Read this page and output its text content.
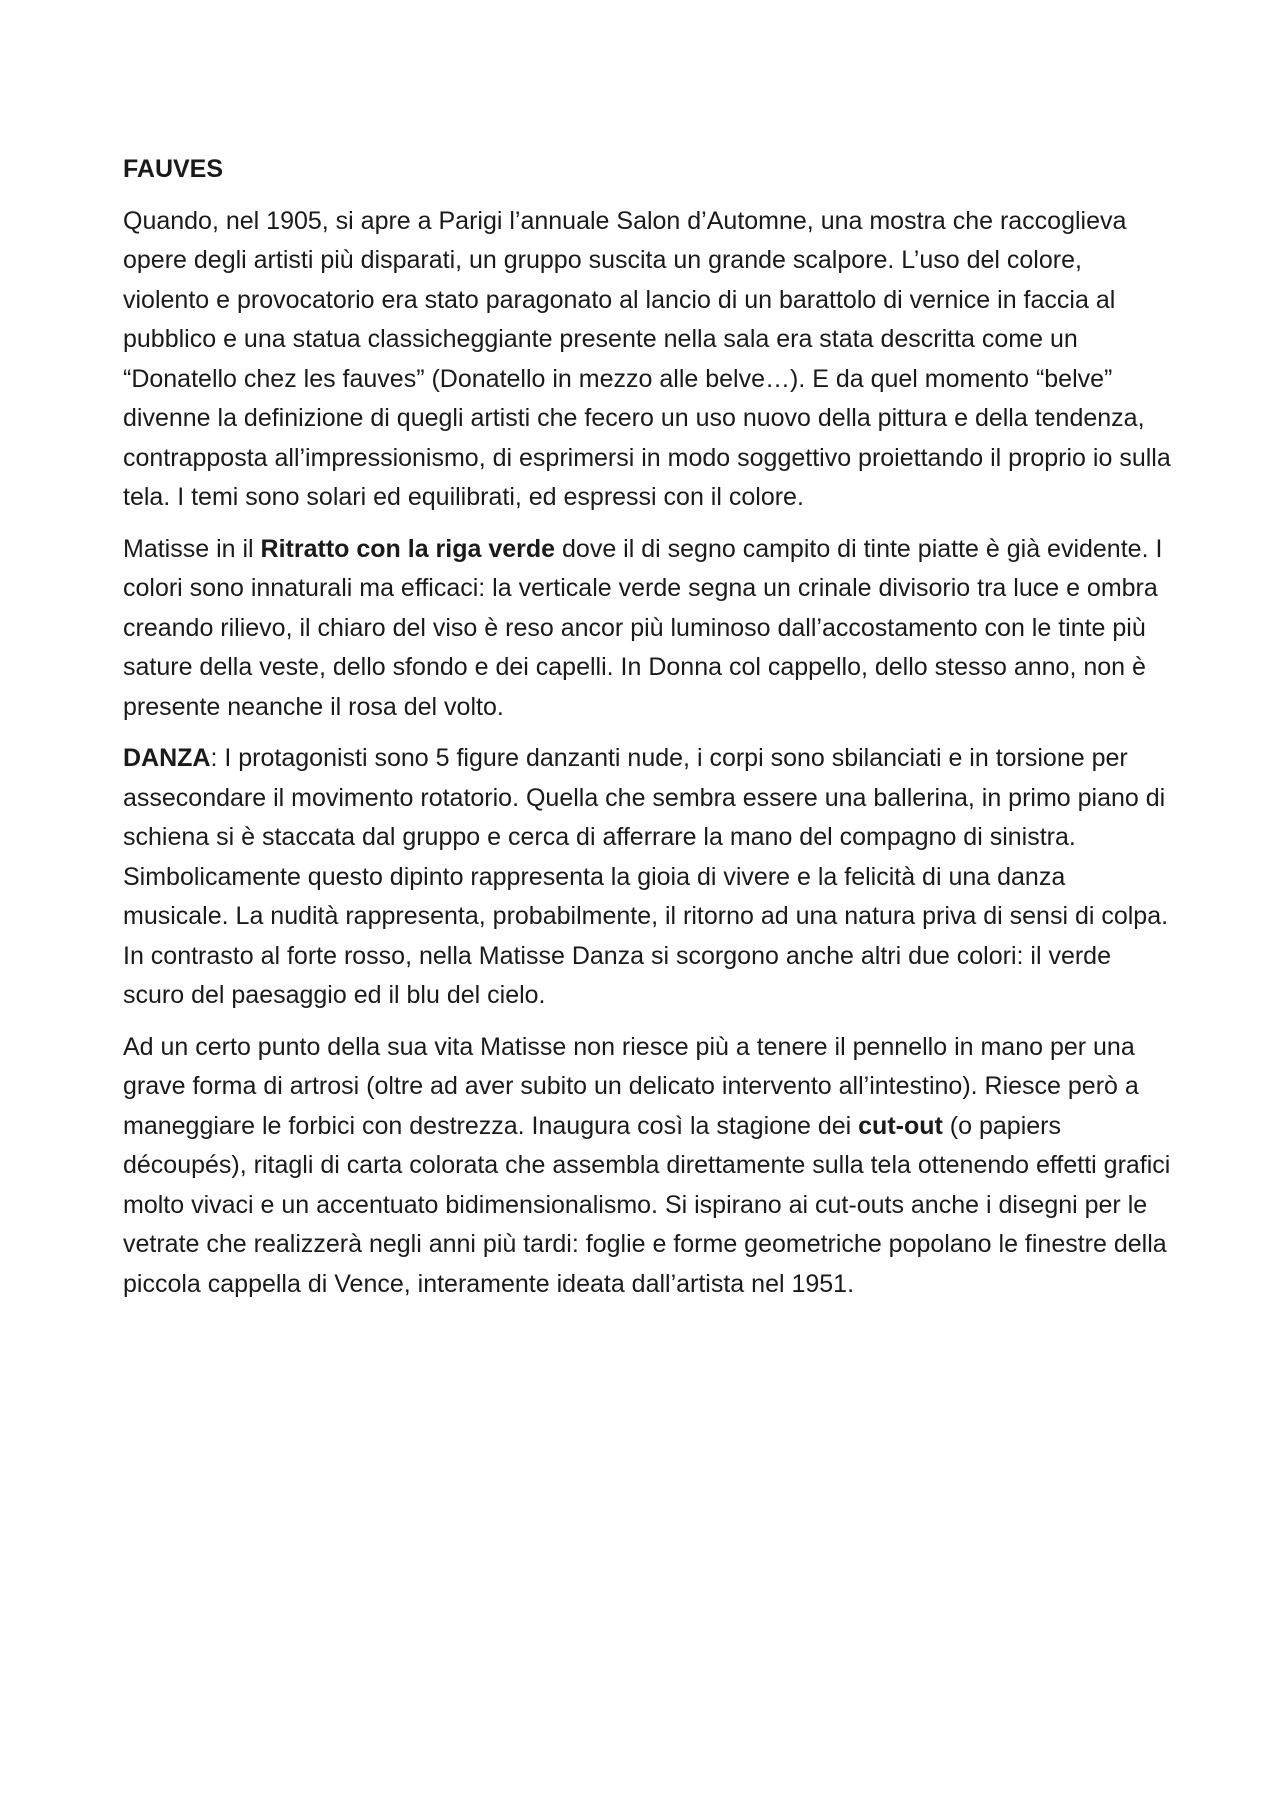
FAUVES

Quando, nel 1905, si apre a Parigi l’annuale Salon d’Automne, una mostra che raccoglieva opere degli artisti più disparati, un gruppo suscita un grande scalpore. L’uso del colore, violento e provocatorio era stato paragonato al lancio di un barattolo di vernice in faccia al pubblico e una statua classicheggiante presente nella sala era stata descritta come un “Donatello chez les fauves” (Donatello in mezzo alle belve…). E da quel momento “belve” divenne la definizione di quegli artisti che fecero un uso nuovo della pittura e della tendenza, contrapposta all’impressionismo, di esprimersi in modo soggettivo proiettando il proprio io sulla tela. I temi sono solari ed equilibrati, ed espressi con il colore.

Matisse in il Ritratto con la riga verde dove il di segno campito di tinte piatte è già evidente. I colori sono innaturali ma efficaci: la verticale verde segna un crinale divisorio tra luce e ombra creando rilievo, il chiaro del viso è reso ancor più luminoso dall’accostamento con le tinte più sature della veste, dello sfondo e dei capelli. In Donna col cappello, dello stesso anno, non è presente neanche il rosa del volto.

DANZA: I protagonisti sono 5 figure danzanti nude, i corpi sono sbilanciati e in torsione per assecondare il movimento rotatorio. Quella che sembra essere una ballerina, in primo piano di schiena si è staccata dal gruppo e cerca di afferrare la mano del compagno di sinistra. Simbolicamente questo dipinto rappresenta la gioia di vivere e la felicità di una danza musicale. La nudità rappresenta, probabilmente, il ritorno ad una natura priva di sensi di colpa. In contrasto al forte rosso, nella Matisse Danza si scorgono anche altri due colori: il verde scuro del paesaggio ed il blu del cielo.

Ad un certo punto della sua vita Matisse non riesce più a tenere il pennello in mano per una grave forma di artrosi (oltre ad aver subito un delicato intervento all’intestino). Riesce però a maneggiare le forbici con destrezza. Inaugura così la stagione dei cut-out (o papiers découpés), ritagli di carta colorata che assembla direttamente sulla tela ottenendo effetti grafici molto vivaci e un accentuato bidimensionalismo. Si ispirano ai cut-outs anche i disegni per le vetrate che realizzerà negli anni più tardi: foglie e forme geometriche popolano le finestre della piccola cappella di Vence, interamente ideata dall’artista nel 1951.
